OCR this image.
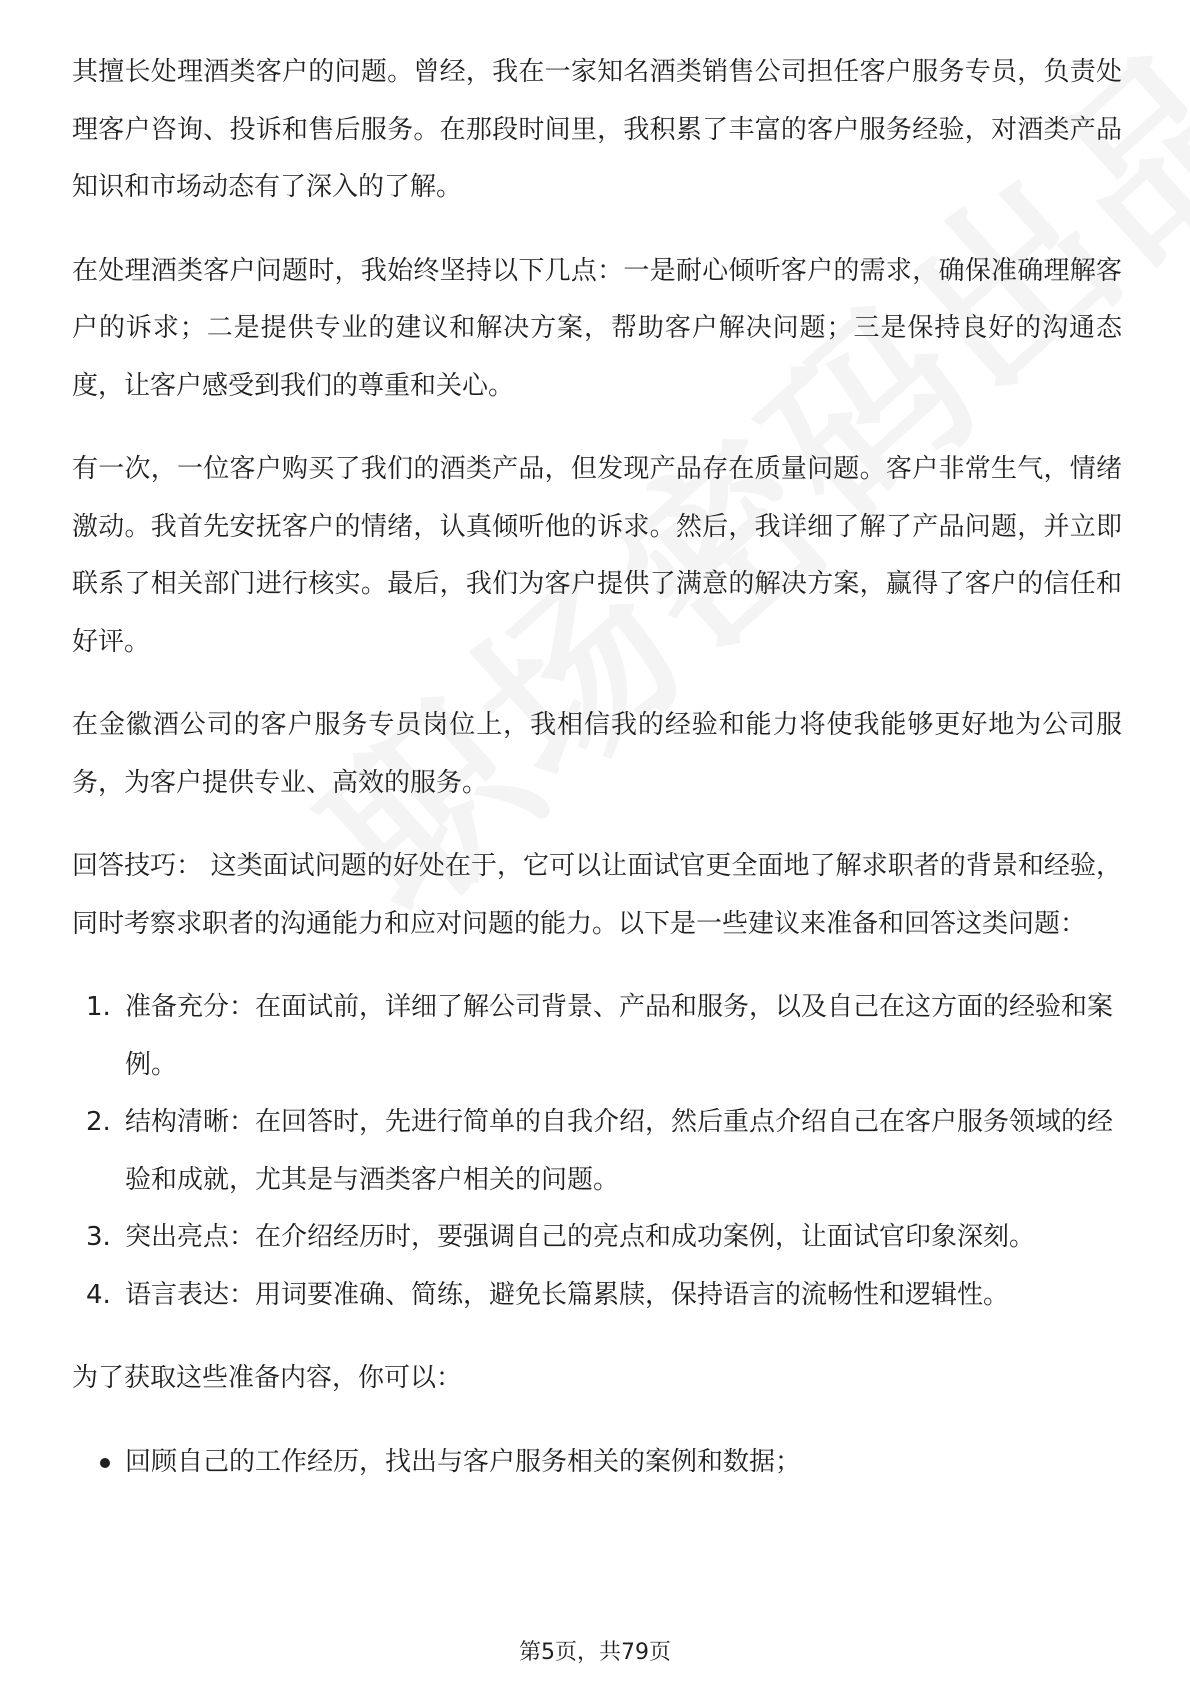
其擅长处理酒类客户的问题。曾经，我在一家知名酒类销售公司担任客户服务专员，负责处理客户咨询、投诉和售后服务。在那段时间里，我积累了丰富的客户服务经验，对酒类产品知识和市场动态有了深入的了解。

在处理酒类客户问题时，我始终坚持以下几点：一是耐心倾听客户的需求，确保准确理解客户的诉求；二是提供专业的建议和解决方案，帮助客户解决问题；三是保持良好的沟通态度，让客户感受到我们的尊重和关心。

有一次，一位客户购买了我们的酒类产品，但发现产品存在质量问题。客户非常生气，情绪激动。我首先安抚客户的情绪，认真倾听他的诉求。然后，我详细了解了产品问题，并立即联系了相关部门进行核实。最后，我们为客户提供了满意的解决方案，赢得了客户的信任和好评。

在金徽酒公司的客户服务专员岗位上，我相信我的经验和能力将使我能够更好地为公司服务，为客户提供专业、高效的服务。

回答技巧： 这类面试问题的好处在于，它可以让面试官更全面地了解求职者的背景和经验，同时考察求职者的沟通能力和应对问题的能力。以下是一些建议来准备和回答这类问题：

1. 准备充分：在面试前，详细了解公司背景、产品和服务，以及自己在这方面的经验和案例。
2. 结构清晰：在回答时，先进行简单的自我介绍，然后重点介绍自己在客户服务领域的经验和成就，尤其是与酒类客户相关的问题。
3. 突出亮点：在介绍经历时，要强调自己的亮点和成功案例，让面试官印象深刻。
4. 语言表达：用词要准确、简练，避免长篇累牍，保持语言的流畅性和逻辑性。

为了获取这些准备内容，你可以：

回顾自己的工作经历，找出与客户服务相关的案例和数据；
第5页，共79页
